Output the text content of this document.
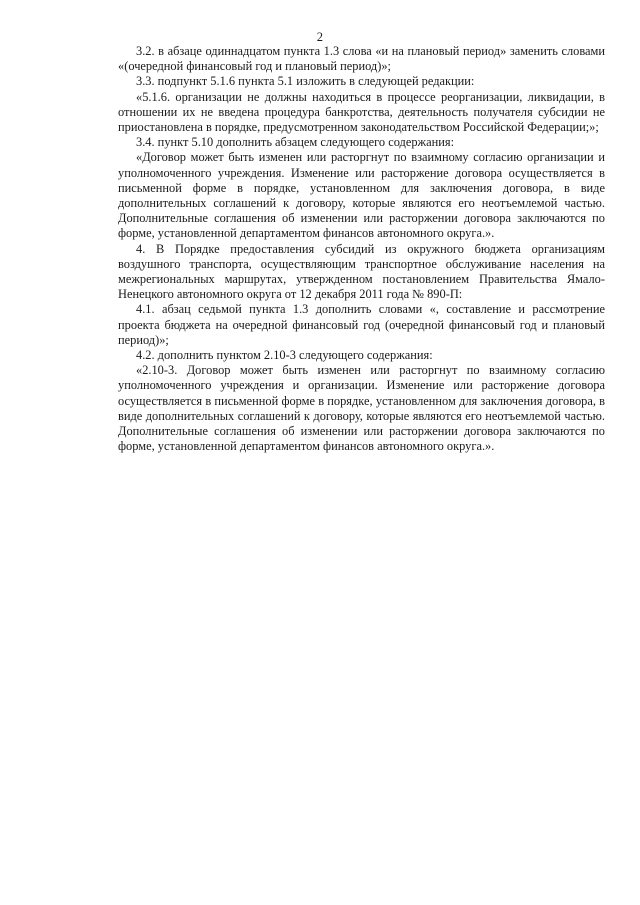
2

3.2. в абзаце одиннадцатом пункта 1.3 слова «и на плановый период» заменить словами «(очередной финансовый год и плановый период)»;

3.3. подпункт 5.1.6 пункта 5.1 изложить в следующей редакции:

«5.1.6. организации не должны находиться в процессе реорганизации, ликвидации, в отношении их не введена процедура банкротства, деятельность получателя субсидии не приостановлена в порядке, предусмотренном законодательством Российской Федерации;»;

3.4. пункт 5.10 дополнить абзацем следующего содержания:

«Договор может быть изменен или расторгнут по взаимному согласию организации и уполномоченного учреждения. Изменение или расторжение договора осуществляется в письменной форме в порядке, установленном для заключения договора, в виде дополнительных соглашений к договору, которые являются его неотъемлемой частью. Дополнительные соглашения об изменении или расторжении договора заключаются по форме, установленной департаментом финансов автономного округа.».

4. В Порядке предоставления субсидий из окружного бюджета организациям воздушного транспорта, осуществляющим транспортное обслуживание населения на межрегиональных маршрутах, утвержденном постановлением Правительства Ямало-Ненецкого автономного округа от 12 декабря 2011 года № 890-П:

4.1. абзац седьмой пункта 1.3 дополнить словами «, составление и рассмотрение проекта бюджета на очередной финансовый год (очередной финансовый год и плановый период)»;

4.2. дополнить пунктом 2.10-3 следующего содержания:

«2.10-3. Договор может быть изменен или расторгнут по взаимному согласию уполномоченного учреждения и организации. Изменение или расторжение договора осуществляется в письменной форме в порядке, установленном для заключения договора, в виде дополнительных соглашений к договору, которые являются его неотъемлемой частью. Дополнительные соглашения об изменении или расторжении договора заключаются по форме, установленной департаментом финансов автономного округа.».
